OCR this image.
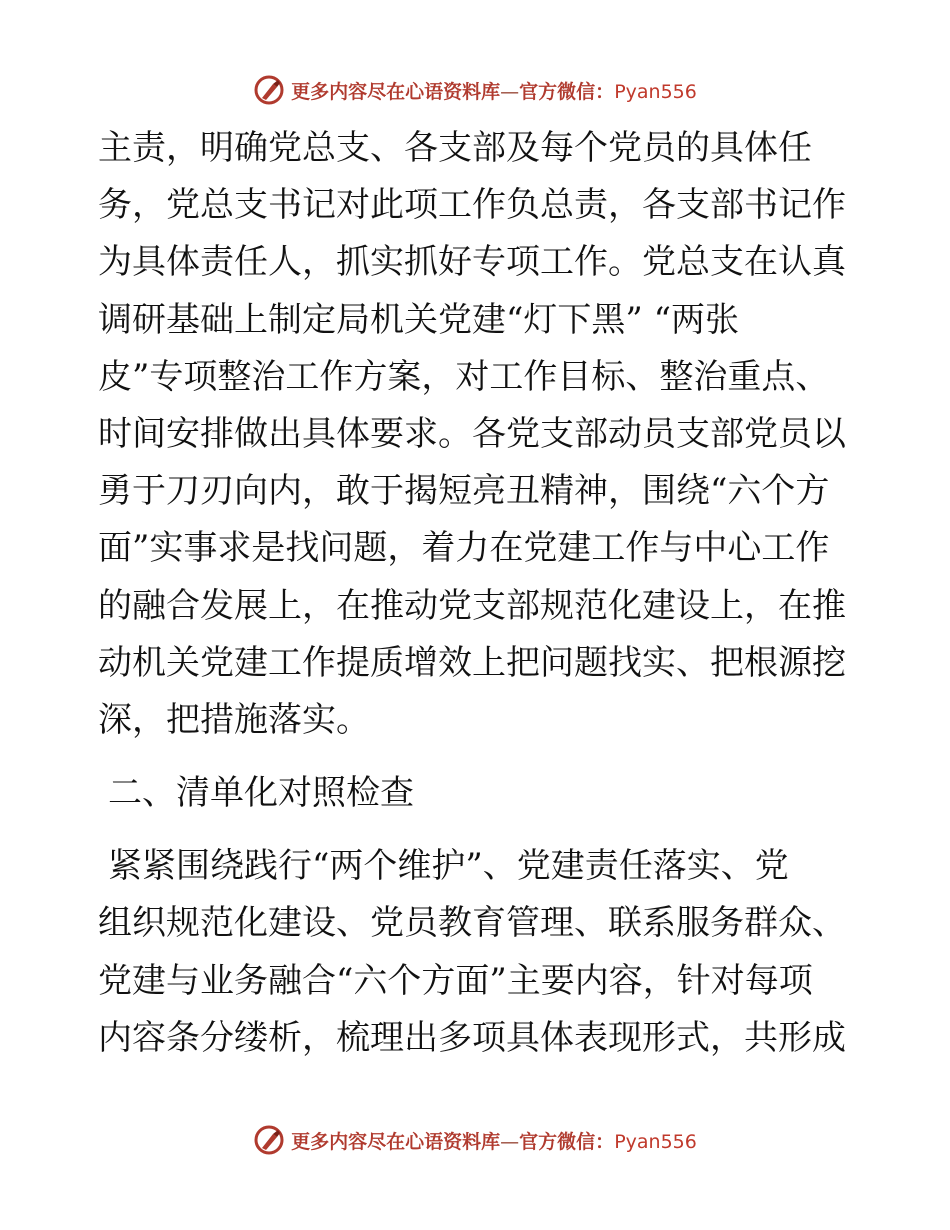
更多内容尽在心语资料库—官方微信：Pyan556
主责，明确党总支、各支部及每个党员的具体任
务，党总支书记对此项工作负总责，各支部书记作
为具体责任人，抓实抓好专项工作。党总支在认真
调研基础上制定局机关党建“灯下黑” “两张
皮”专项整治工作方案，对工作目标、整治重点、
时间安排做出具体要求。各党支部动员支部党员以
勇于刀刃向内，敢于揭短亮丑精神，围绕“六个方
面”实事求是找问题，着力在党建工作与中心工作
的融合发展上，在推动党支部规范化建设上，在推
动机关党建工作提质增效上把问题找实、把根源挖
深，把措施落实。
二、清单化对照检查
紧紧围绕践行“两个维护”、党建责任落实、党
组织规范化建设、党员教育管理、联系服务群众、
党建与业务融合“六个方面”主要内容，针对每项
内容条分缕析，梳理出多项具体表现形式，共形成
更多内容尽在心语资料库—官方微信：Pyan556
